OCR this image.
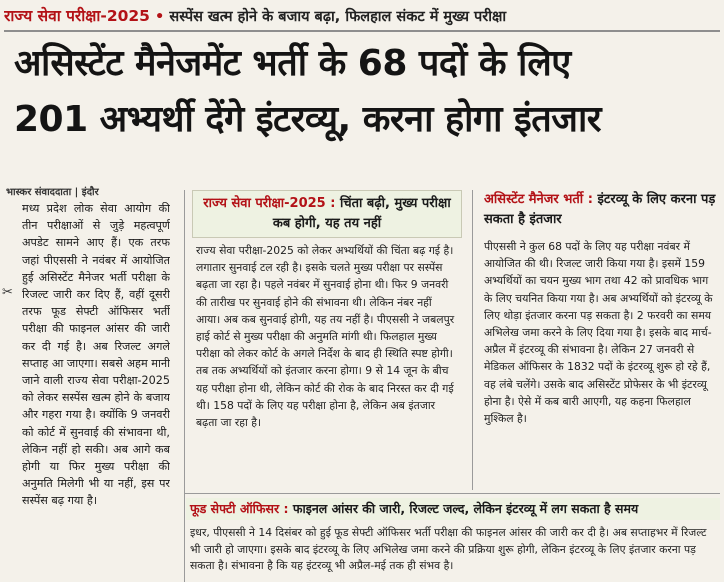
राज्य सेवा परीक्षा-2025 • सस्पेंस खत्म होने के बजाय बढ़ा, फिलहाल संकट में मुख्य परीक्षा
असिस्टेंट मैनेजमेंट भर्ती के 68 पदों के लिए
201 अभ्यर्थी देंगे इंटरव्यू, करना होगा इंतजार
भास्कर संवाददाता | इंदौर
✂

मध्य प्रदेश लोक सेवा आयोग की तीन परीक्षाओं से जुड़े महत्वपूर्ण अपडेट सामने आए हैं। एक तरफ जहां पीएससी ने नवंबर में आयोजित हुई असिस्टेंट मैनेजर भर्ती परीक्षा के रिजल्ट जारी कर दिए हैं, वहीं दूसरी तरफ फूड सेफ्टी ऑफिसर भर्ती परीक्षा की फाइनल आंसर की जारी कर दी गई है। अब रिजल्ट अगले सप्ताह आ जाएगा। सबसे अहम मानी जाने वाली राज्य सेवा परीक्षा-2025 को लेकर सस्पेंस खत्म होने के बजाय और गहरा गया है। क्योंकि 9 जनवरी को कोर्ट में सुनवाई की संभावना थी, लेकिन नहीं हो सकी। अब आगे कब होगी या फिर मुख्य परीक्षा की अनुमति मिलेगी भी या नहीं, इस पर सस्पेंस बढ़ गया है।

राज्य सेवा परीक्षा-2025 : चिंता बढ़ी, मुख्य परीक्षा कब होगी, यह तय नहीं
राज्य सेवा परीक्षा-2025 को लेकर अभ्यर्थियों की चिंता बढ़ गई है। लगातार सुनवाई टल रही है। इसके चलते मुख्य परीक्षा पर सस्पेंस बढ़ता जा रहा है। पहले नवंबर में सुनवाई होना थी। फिर 9 जनवरी की तारीख पर सुनवाई होने की संभावना थी। लेकिन नंबर नहीं आया। अब कब सुनवाई होगी, यह तय नहीं है। पीएससी ने जबलपुर हाई कोर्ट से मुख्य परीक्षा की अनुमति मांगी थी। फिलहाल मुख्य परीक्षा को लेकर कोर्ट के अगले निर्देश के बाद ही स्थिति स्पष्ट होगी। तब तक अभ्यर्थियों को इंतजार करना होगा। 9 से 14 जून के बीच यह परीक्षा होना थी, लेकिन कोर्ट की रोक के बाद निरस्त कर दी गई थी। 158 पदों के लिए यह परीक्षा होना है, लेकिन अब इंतजार बढ़ता जा रहा है।
असिस्टेंट मैनेजर भर्ती : इंटरव्यू के लिए करना पड़ सकता है इंतजार
पीएससी ने कुल 68 पदों के लिए यह परीक्षा नवंबर में आयोजित की थी। रिजल्ट जारी किया गया है। इसमें 159 अभ्यर्थियों का चयन मुख्य भाग तथा 42 को प्रावधिक भाग के लिए चयनित किया गया है। अब अभ्यर्थियों को इंटरव्यू के लिए थोड़ा इंतजार करना पड़ सकता है। 2 फरवरी का समय अभिलेख जमा करने के लिए दिया गया है। इसके बाद मार्च-अप्रैल में इंटरव्यू की संभावना है। लेकिन 27 जनवरी से मेडिकल ऑफिसर के 1832 पदों के इंटरव्यू शुरू हो रहे हैं, वह लंबे चलेंगे। उसके बाद असिस्टेंट प्रोफेसर के भी इंटरव्यू होना है। ऐसे में कब बारी आएगी, यह कहना फिलहाल मुश्किल है।
फूड सेफ्टी ऑफिसर : फाइनल आंसर की जारी, रिजल्ट जल्द, लेकिन इंटरव्यू में लग सकता है समय
इधर, पीएससी ने 14 दिसंबर को हुई फूड सेफ्टी ऑफिसर भर्ती परीक्षा की फाइनल आंसर की जारी कर दी है। अब सप्ताहभर में रिजल्ट भी जारी हो जाएगा। इसके बाद इंटरव्यू के लिए अभिलेख जमा करने की प्रक्रिया शुरू होगी, लेकिन इंटरव्यू के लिए इंतजार करना पड़ सकता है। संभावना है कि यह इंटरव्यू भी अप्रैल-मई तक ही संभव है।
